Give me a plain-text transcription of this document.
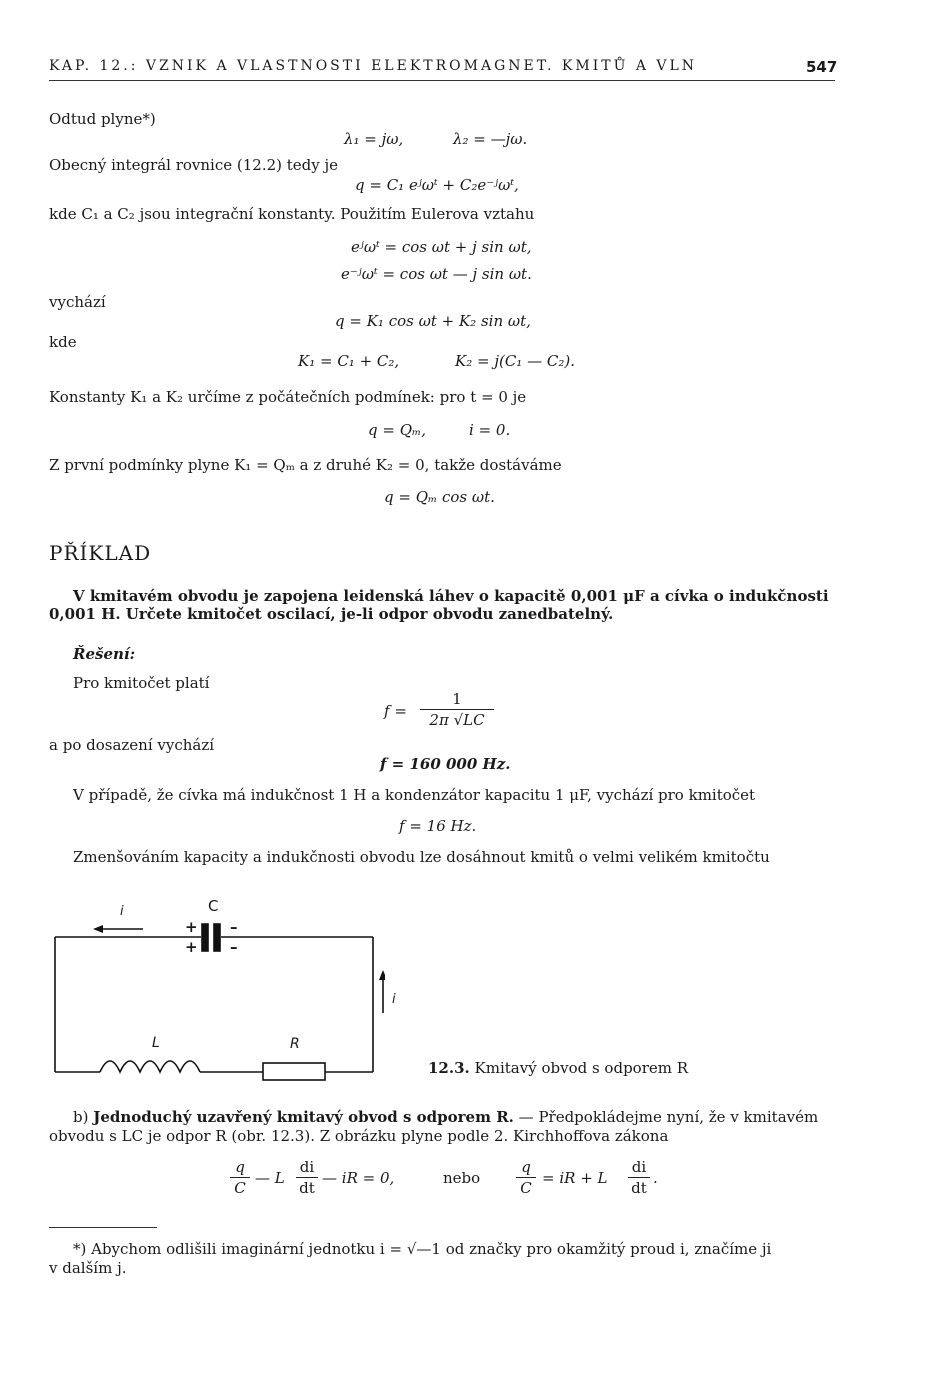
KAP. 12.: VZNIK A VLASTNOSTI ELEKTROMAGNET. KMITŮ A VLN	547
Odtud plyne*)
λ₁ = jω,	λ₂ = —jω.
Obecný integrál rovnice (12.2) tedy je
q = C₁ eʲωᵗ + C₂e⁻ʲωᵗ,
kde C₁ a C₂ jsou integrační konstanty. Použitím Eulerova vztahu
eʲωᵗ = cos ωt + j sin ωt,
e⁻ʲωᵗ = cos ωt — j sin ωt.
vychází
q = K₁ cos ωt + K₂ sin ωt,
kde
K₁ = C₁ + C₂,	K₂ = j(C₁ — C₂).
Konstanty K₁ a K₂ určíme z počátečních podmínek: pro t = 0 je
q = Qₘ,	i = 0.
Z první podmínky plyne K₁ = Qₘ a z druhé K₂ = 0, takže dostáváme
q = Qₘ cos ωt.
PŘÍKLAD
V kmitavém obvodu je zapojena leidenská láhev o kapacitě 0,001 μF a cívka o indukčnosti
0,001 H. Určete kmitočet oscilací, je-li odpor obvodu zanedbatelný.
Řešení:
Pro kmitočet platí
f =
1
2π √LC
a po dosazení vychází
f = 160 000 Hz.
V případě, že cívka má indukčnost 1 H a kondenzátor kapacitu 1 μF, vychází pro kmitočet
f = 16 Hz.
Zmenšováním kapacity a indukčnosti obvodu lze dosáhnout kmitů o velmi velikém kmitočtu
i	C
+ –
+ –
i
L	R
12.3. Kmitavý obvod s odporem R
b) Jednoduchý uzavřený kmitavý obvod s odporem R. — Předpokládejme nyní, že v kmitavém
obvodu s LC je odpor R (obr. 12.3). Z obrázku plyne podle 2. Kirchhoffova zákona
q
C
— L
di
dt
— iR = 0,	nebo
q
C
= iR + L
di
dt
.
*) Abychom odlišili imaginární jednotku i = √—1 od značky pro okamžitý proud i, značíme ji
v dalším j.
